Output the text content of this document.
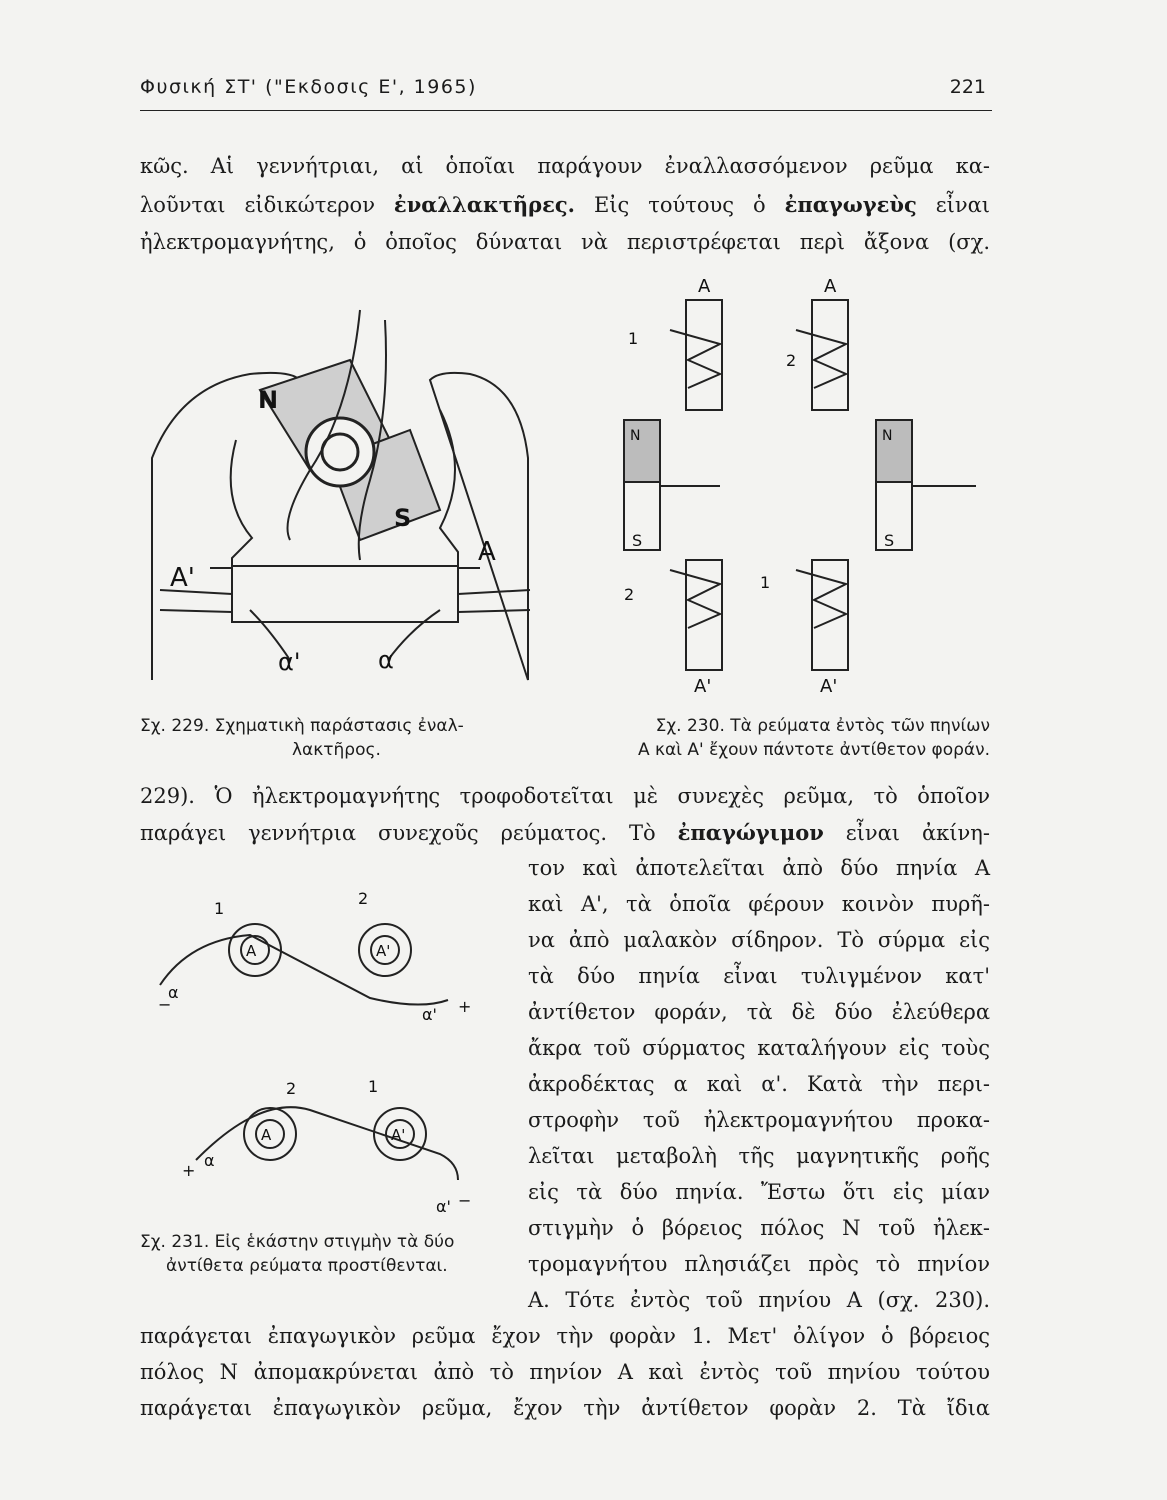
Φυσική ΣΤ' ("Εκδοσις Ε', 1965)	221
κῶς. Αἱ γεννήτριαι, αἱ ὁποῖαι παράγουν ἐναλλασσόμενον ρεῦμα κα-
λοῦνται εἰδικώτερον ἐναλλακτῆρες. Εἰς τούτους ὁ ἐπαγωγεὺς εἶναι
ἠλεκτρομαγνήτης, ὁ ὁποῖος δύναται νὰ περιστρέφεται περὶ ἄξονα (σχ.
N
S
A'
A
α'	α
A	A
N	N
S	S
1
2
2
1
A'	A'
Σχ. 229. Σχηματικὴ παράστασις ἐναλ-
λακτῆρος.
Σχ. 230. Τὰ ρεύματα ἐντὸς τῶν πηνίων
Α καὶ Α' ἔχουν πάντοτε ἀντίθετον φοράν.
229). Ὁ ἠλεκτρομαγνήτης τροφοδοτεῖται μὲ συνεχὲς ρεῦμα, τὸ ὁποῖον
παράγει γεννήτρια συνεχοῦς ρεύματος. Τὸ ἐπαγώγιμον εἶναι ἀκίνη-
A	A'
A	A'
α
−
α' +
α
+
α' −
1
2
2	1
Σχ. 231. Εἰς ἑκάστην στιγμὴν τὰ δύο
ἀντίθετα ρεύματα προστίθενται.
τον καὶ ἀποτελεῖται ἀπὸ δύο πηνία Α
καὶ Α', τὰ ὁποῖα φέρουν κοινὸν πυρῆ-
να ἀπὸ μαλακὸν σίδηρον. Τὸ σύρμα εἰς
τὰ δύο πηνία εἶναι τυλιγμένον κατ'
ἀντίθετον φοράν, τὰ δὲ δύο ἐλεύθερα
ἄκρα τοῦ σύρματος καταλήγουν εἰς τοὺς
ἀκροδέκτας α καὶ α'. Κατὰ τὴν περι-
στροφὴν τοῦ ἠλεκτρομαγνήτου προκα-
λεῖται μεταβολὴ τῆς μαγνητικῆς ροῆς
εἰς τὰ δύο πηνία. Ἔστω ὅτι εἰς μίαν
στιγμὴν ὁ βόρειος πόλος Ν τοῦ ἠλεκ-
τρομαγνήτου πλησιάζει πρὸς τὸ πηνίον
Α. Τότε ἐντὸς τοῦ πηνίου Α (σχ. 230).
παράγεται ἐπαγωγικὸν ρεῦμα ἔχον τὴν φορὰν 1. Μετ' ὀλίγον ὁ βόρειος
πόλος Ν ἀπομακρύνεται ἀπὸ τὸ πηνίον Α καὶ ἐντὸς τοῦ πηνίου τούτου
παράγεται ἐπαγωγικὸν ρεῦμα, ἔχον τὴν ἀντίθετον φορὰν 2. Τὰ ἴδια
